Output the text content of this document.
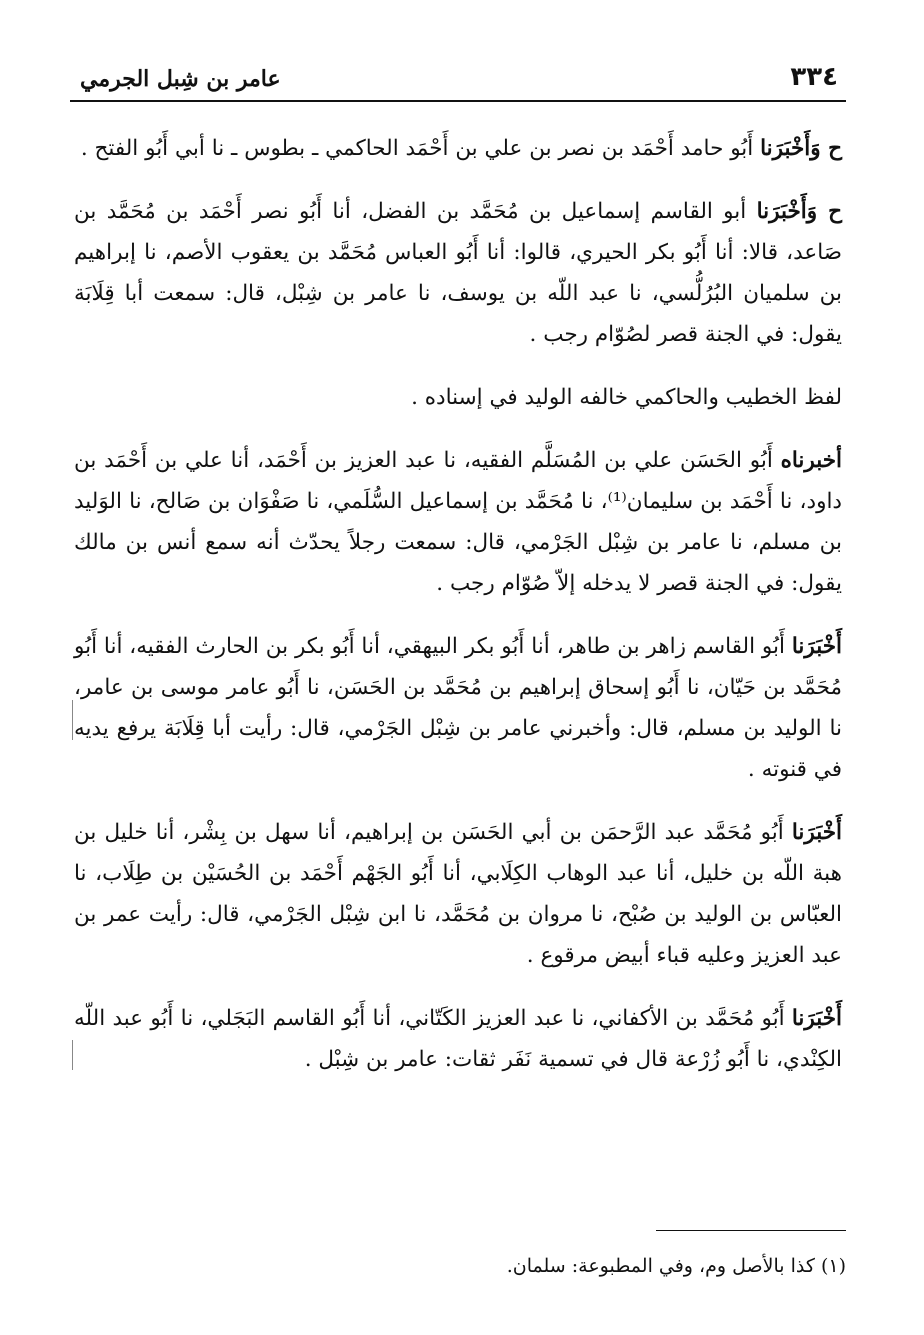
٣٣٤
عامر بن شِبل الجرمي

ح وَأَخْبَرَنا أَبُو حامد أَحْمَد بن نصر بن علي بن أَحْمَد الحاكمي ـ بطوس ـ نا أبي أَبُو الفتح .

ح وَأَخْبَرَنا أبو القاسم إسماعيل بن مُحَمَّد بن الفضل، أنا أَبُو نصر أَحْمَد بن مُحَمَّد بن صَاعد، قالا: أنا أَبُو بكر الحيري، قالوا: أنا أَبُو العباس مُحَمَّد بن يعقوب الأصم، نا إبراهيم بن سلميان البُرُلُّسي، نا عبد اللّه بن يوسف، نا عامر بن شِبْل، قال: سمعت أبا قِلَابَة يقول: في الجنة قصر لصُوّام رجب .

لفظ الخطيب والحاكمي خالفه الوليد في إسناده .

أخبرناه أَبُو الحَسَن علي بن المُسَلَّم الفقيه، نا عبد العزيز بن أَحْمَد، أنا علي بن أَحْمَد بن داود، نا أَحْمَد بن سليمان⁽¹⁾، نا مُحَمَّد بن إسماعيل السُّلَمي، نا صَفْوَان بن صَالح، نا الوَليد بن مسلم، نا عامر بن شِبْل الجَرْمي، قال: سمعت رجلاً يحدّث أنه سمع أنس بن مالك يقول: في الجنة قصر لا يدخله إلاّ صُوّام رجب .

أَخْبَرَنا أَبُو القاسم زاهر بن طاهر، أنا أَبُو بكر البيهقي، أنا أَبُو بكر بن الحارث الفقيه، أنا أَبُو مُحَمَّد بن حَيّان، نا أَبُو إسحاق إبراهيم بن مُحَمَّد بن الحَسَن، نا أَبُو عامر موسى بن عامر، نا الوليد بن مسلم، قال: وأخبرني عامر بن شِبْل الجَرْمي، قال: رأيت أبا قِلَابَة يرفع يديه في قنوته .

أَخْبَرَنا أَبُو مُحَمَّد عبد الرَّحمَن بن أبي الحَسَن بن إبراهيم، أنا سهل بن بِشْر، أنا خليل بن هبة اللّه بن خليل، أنا عبد الوهاب الكِلَابي، أنا أَبُو الجَهْم أَحْمَد بن الحُسَيْن بن طِلَاب، نا العبّاس بن الوليد بن صُبْح، نا مروان بن مُحَمَّد، نا ابن شِبْل الجَرْمي، قال: رأيت عمر بن عبد العزيز وعليه قباء أبيض مرقوع .

أَخْبَرَنا أَبُو مُحَمَّد بن الأكفاني، نا عبد العزيز الكَتّاني، أنا أَبُو القاسم البَجَلي، نا أَبُو عبد اللّه الكِنْدي، نا أَبُو زُرْعة قال في تسمية نَفَر ثقات: عامر بن شِبْل .

(١) كذا بالأصل وم، وفي المطبوعة: سلمان.
